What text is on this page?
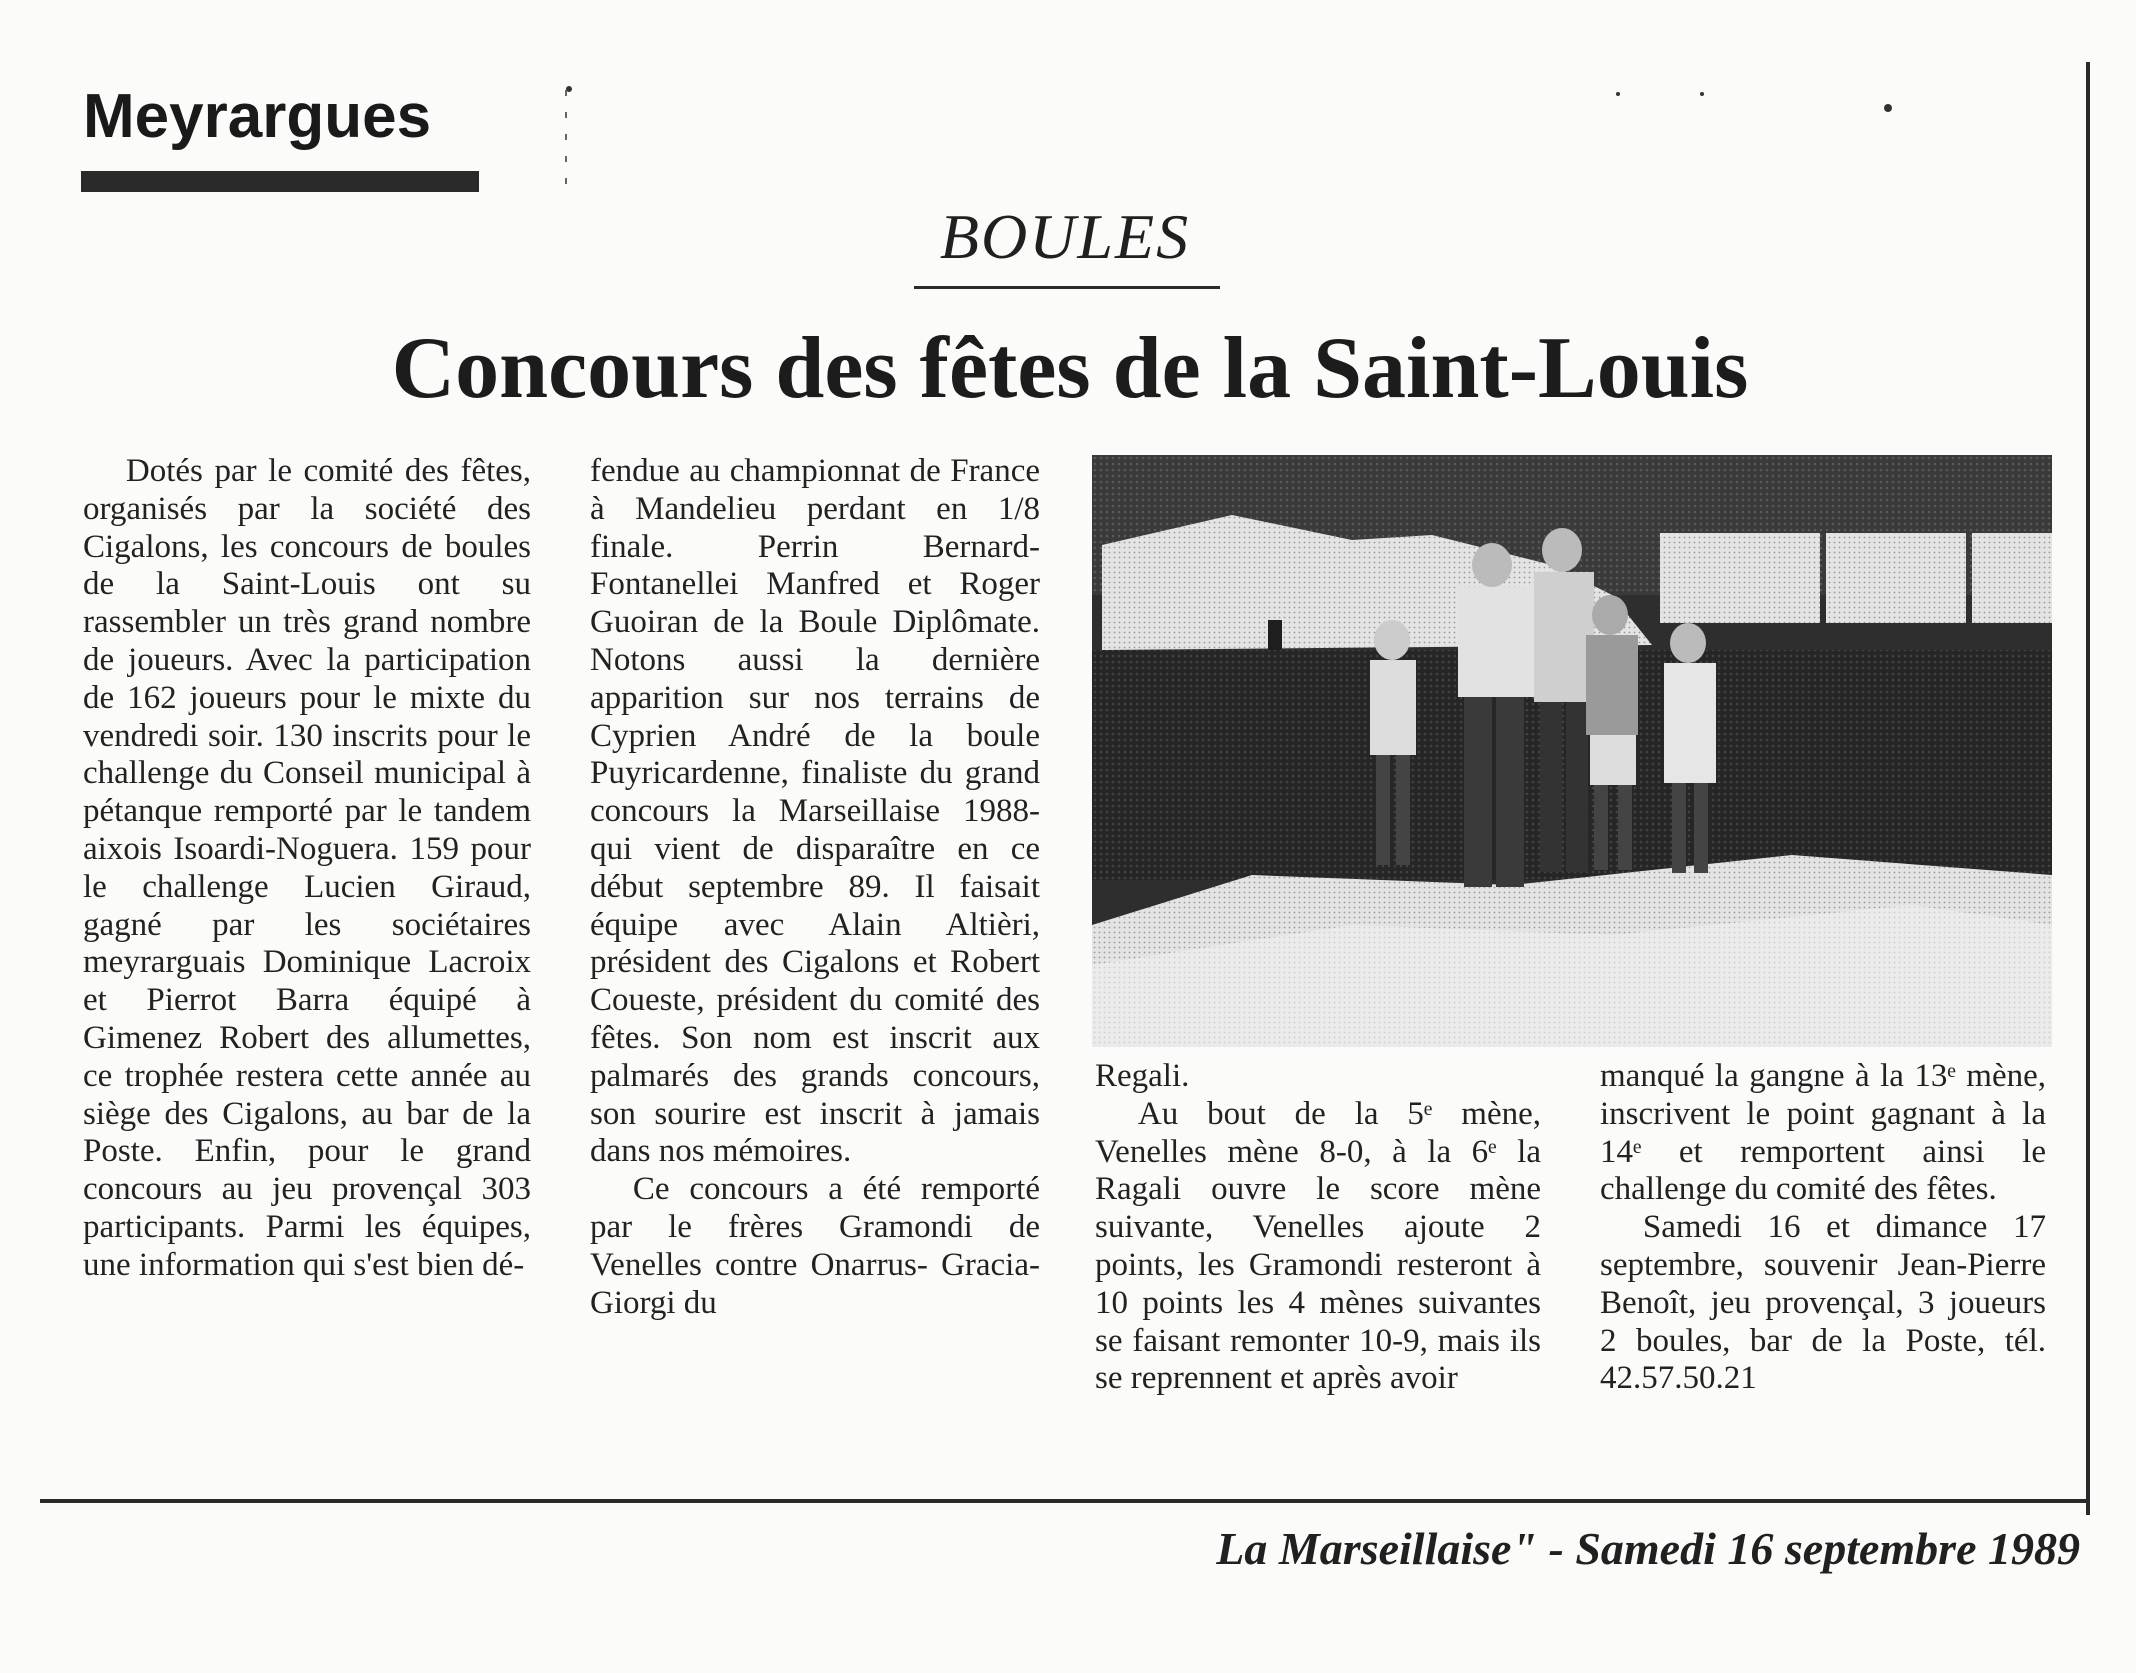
Meyrargues
BOULES
Concours des fêtes de la Saint-Louis

Dotés par le comité des fêtes, organisés par la société des Cigalons, les concours de boules de la Saint-Louis ont su rassembler un très grand nombre de joueurs. Avec la participation de 162 joueurs pour le mixte du vendredi soir. 130 inscrits pour le challenge du Conseil municipal à pétanque remporté par le tandem aixois Isoardi-Noguera. 159 pour le challenge Lucien Giraud, gagné par les sociétaires meyrarguais Dominique Lacroix et Pierrot Barra équipé à Gimenez Robert des allumettes, ce trophée restera cette année au siège des Cigalons, au bar de la Poste. Enfin, pour le grand concours au jeu provençal 303 participants. Parmi les équipes, une information qui s'est bien dé-

fendue au championnat de France à Mandelieu perdant en 1/8 finale. Perrin Bernard- Fontanellei Manfred et Roger Guoiran de la Boule Diplômate. Notons aussi la dernière apparition sur nos terrains de Cyprien André de la boule Puyricardenne, finaliste du grand concours la Marseillaise 1988- qui vient de disparaître en ce début septembre 89. Il faisait équipe avec Alain Altièri, président des Cigalons et Robert Coueste, président du comité des fêtes. Son nom est inscrit aux palmarés des grands concours, son sourire est inscrit à jamais dans nos mémoires.

Ce concours a été remporté par le frères Gramondi de Venelles contre Onarrus- Gracia- Giorgi du

Regali.

Au bout de la 5ᵉ mène, Venelles mène 8-0, à la 6ᵉ la Ragali ouvre le score mène suivante, Venelles ajoute 2 points, les Gramondi resteront à 10 points les 4 mènes suivantes se faisant remonter 10-9, mais ils se reprennent et après avoir

manqué la gangne à la 13ᵉ mène, inscrivent le point gagnant à la 14ᵉ et remportent ainsi le challenge du comité des fêtes.

Samedi 16 et dimance 17 septembre, souvenir Jean-Pierre Benoît, jeu provençal, 3 joueurs 2 boules, bar de la Poste, tél. 42.57.50.21

La Marseillaise" - Samedi 16 septembre 1989
